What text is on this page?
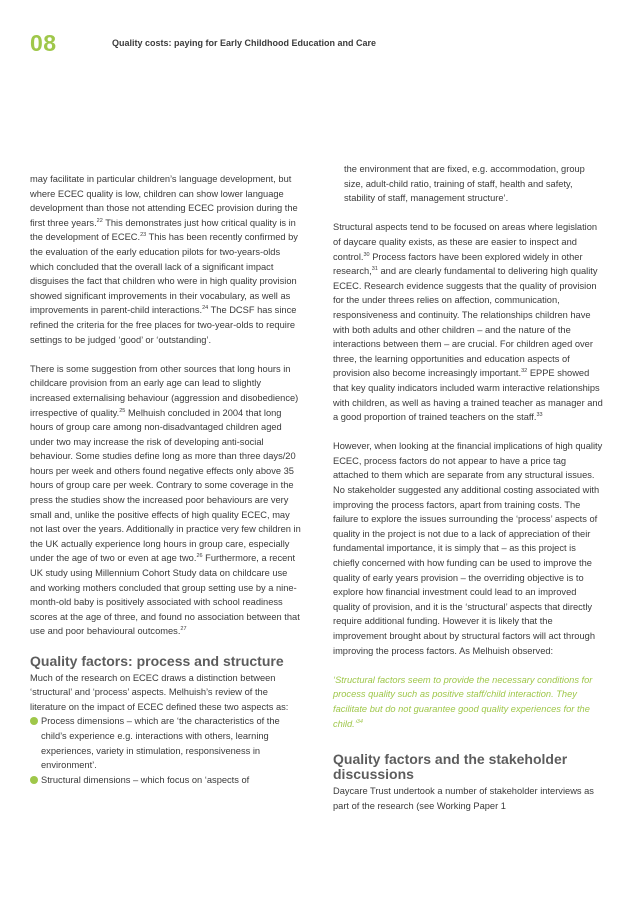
08	Quality costs: paying for Early Childhood Education and Care

may facilitate in particular children’s language development, but where ECEC quality is low, children can show lower language development than those not attending ECEC provision during the first three years.$^{22}$ This demonstrates just how critical quality is in the development of ECEC.$^{23}$ This has been recently confirmed by the evaluation of the early education pilots for two-years-olds which concluded that the overall lack of a significant impact disguises the fact that children who were in high quality provision showed significant improvements in their vocabulary, as well as improvements in parent-child interactions.$^{24}$ The DCSF has since refined the criteria for the free places for two-year-olds to require settings to be judged ‘good’ or ‘outstanding’.

There is some suggestion from other sources that long hours in childcare provision from an early age can lead to slightly increased externalising behaviour (aggression and disobedience) irrespective of quality.$^{25}$ Melhuish concluded in 2004 that long hours of group care among non-disadvantaged children aged under two may increase the risk of developing anti-social behaviour. Some studies define long as more than three days/20 hours per week and others found negative effects only above 35 hours of group care per week. Contrary to some coverage in the press the studies show the increased poor behaviours are very small and, unlike the positive effects of high quality ECEC, may not last over the years. Additionally in practice very few children in the UK actually experience long hours in group care, especially under the age of two or even at age two.$^{26}$ Furthermore, a recent UK study using Millennium Cohort Study data on childcare use and working mothers concluded that group setting use by a nine-month-old baby is positively associated with school readiness scores at the age of three, and found no association between that use and poor behavioural outcomes.$^{27}$

Quality factors: process and structure

Much of the research on ECEC draws a distinction between ‘structural’ and ‘process’ aspects. Melhuish’s review of the literature on the impact of ECEC defined these two aspects as:

Process dimensions – which are ‘the characteristics of the child’s experience e.g. interactions with others, learning experiences, variety in stimulation, responsiveness in environment’.
Structural dimensions – which focus on ‘aspects of

the environment that are fixed, e.g. accommodation, group size, adult-child ratio, training of staff, health and safety, stability of staff, management structure’.

Structural aspects tend to be focused on areas where legislation of daycare quality exists, as these are easier to inspect and control.$^{30}$ Process factors have been explored widely in other research,$^{31}$ and are clearly fundamental to delivering high quality ECEC. Research evidence suggests that the quality of provision for the under threes relies on affection, communication, responsiveness and continuity. The relationships children have with both adults and other children – and the nature of the interactions between them – are crucial. For children aged over three, the learning opportunities and education aspects of provision also become increasingly important.$^{32}$ EPPE showed that key quality indicators included warm interactive relationships with children, as well as having a trained teacher as manager and a good proportion of trained teachers on the staff.$^{33}$

However, when looking at the financial implications of high quality ECEC, process factors do not appear to have a price tag attached to them which are separate from any structural issues. No stakeholder suggested any additional costing associated with improving the process factors, apart from training costs. The failure to explore the issues surrounding the ‘process’ aspects of quality in the project is not due to a lack of appreciation of their fundamental importance, it is simply that – as this project is chiefly concerned with how funding can be used to improve the quality of early years provision – the overriding objective is to explore how financial investment could lead to an improved quality of provision, and it is the ‘structural’ aspects that directly require additional funding. However it is likely that the improvement brought about by structural factors will act through improving the process factors. As Melhuish observed:

‘Structural factors seem to provide the necessary conditions for process quality such as positive staff/child interaction. They facilitate but do not guarantee good quality experiences for the child.’$^{34}$

Quality factors and the stakeholder discussions

Daycare Trust undertook a number of stakeholder interviews as part of the research (see Working Paper 1
